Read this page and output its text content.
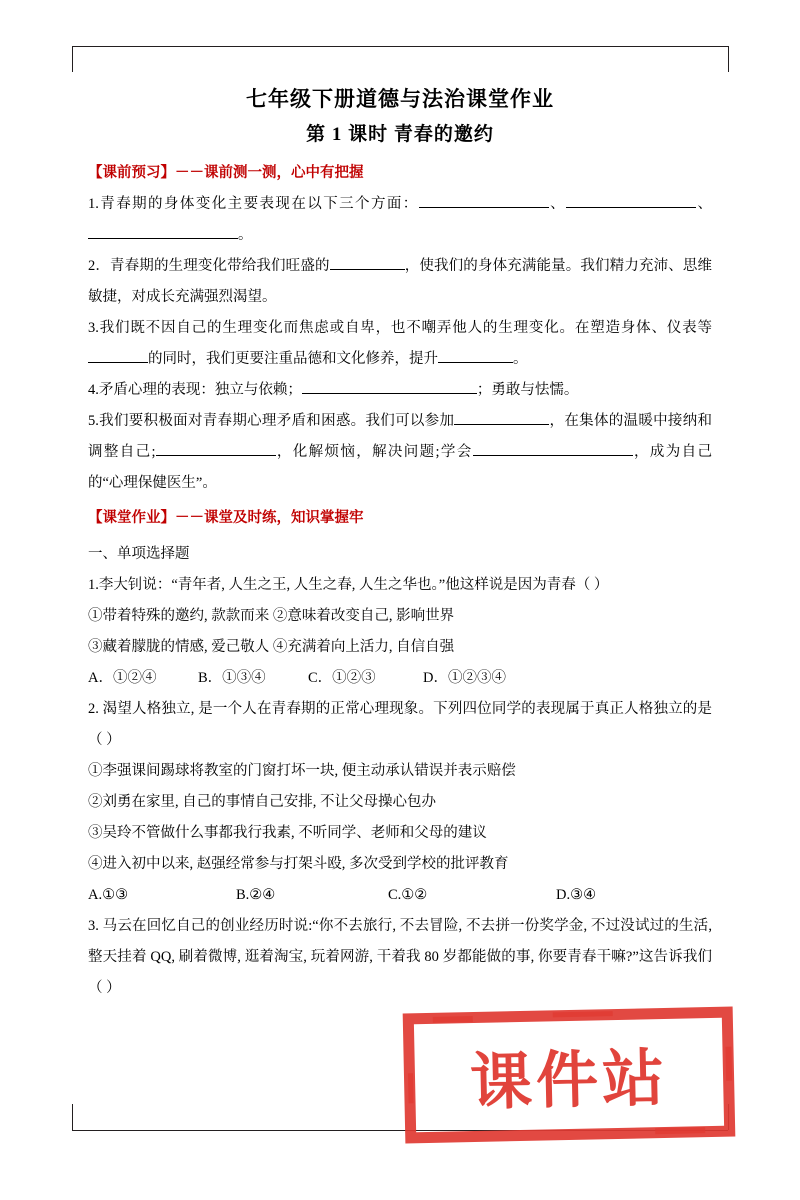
七年级下册道德与法治课堂作业
第 1 课时 青春的邀约
【课前预习】－－课前测一测，心中有把握

1.青春期的身体变化主要表现在以下三个方面：	、	、。

2．青春期的生理变化带给我们旺盛的	，使我们的身体充满能量。我们精力充沛、思维敏捷，对成长充满强烈渴望。

3.我们既不因自己的生理变化而焦虑或自卑，也不嘲弄他人的生理变化。在塑造身体、仪表等的同时，我们更要注重品德和文化修养，提升	。

4.矛盾心理的表现：独立与依赖；	；勇敢与怯懦。

5.我们要积极面对青春期心理矛盾和困惑。我们可以参加	，在集体的温暖中接纳和调整自己;	，化解烦恼，解决问题;学会	，成为自己的“心理保健医生”。

【课堂作业】－－课堂及时练，知识掌握牢

一、单项选择题

1.李大钊说：“青年者, 人生之王, 人生之春, 人生之华也。”他这样说是因为青春（ ）

①带着特殊的邀约, 款款而来 ②意味着改变自己, 影响世界

③藏着朦胧的情感, 爱己敬人 ④充满着向上活力, 自信自强

A．①②④	B．①③④	C．①②③	D．①②③④

2. 渴望人格独立, 是一个人在青春期的正常心理现象。下列四位同学的表现属于真正人格独立的是（ ）

①李强课间踢球将教室的门窗打坏一块, 便主动承认错误并表示赔偿

②刘勇在家里, 自己的事情自己安排, 不让父母操心包办

③吴玲不管做什么事都我行我素, 不听同学、老师和父母的建议

④进入初中以来, 赵强经常参与打架斗殴, 多次受到学校的批评教育

A.①③	B.②④	C.①②	D.③④

3. 马云在回忆自己的创业经历时说:“你不去旅行, 不去冒险, 不去拼一份奖学金, 不过没试过的生活, 整天挂着 QQ, 刷着微博, 逛着淘宝, 玩着网游, 干着我 80 岁都能做的事, 你要青春干嘛?”这告诉我们（ ）

课件站
